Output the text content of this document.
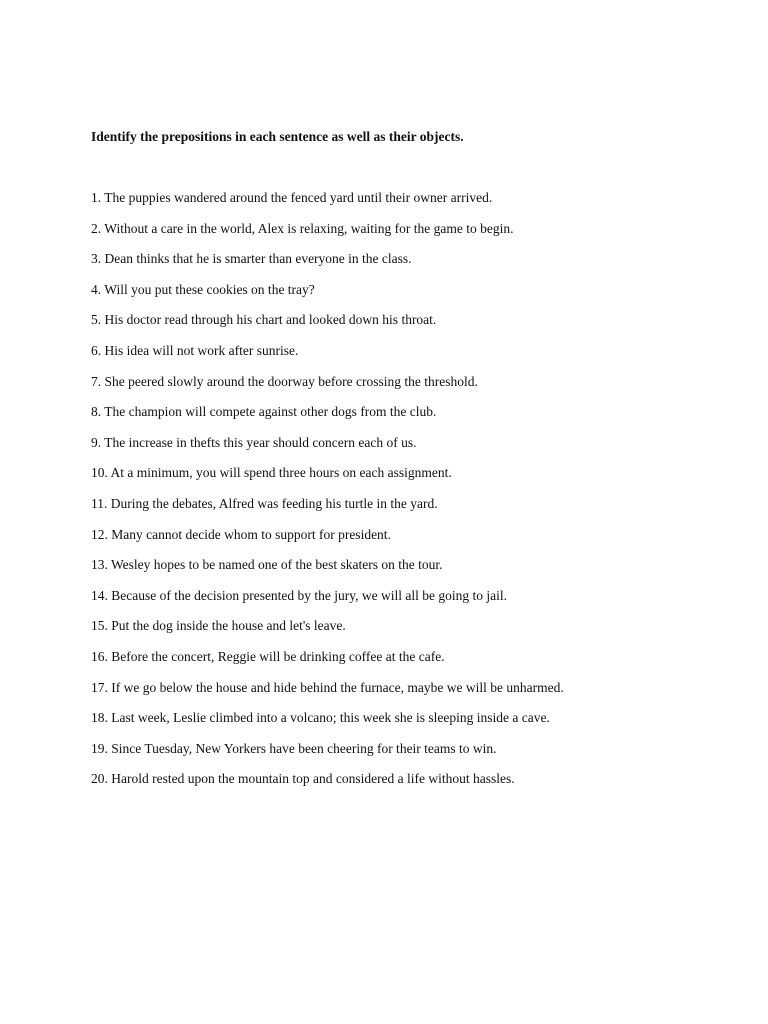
Identify the prepositions in each sentence as well as their objects.

1. The puppies wandered around the fenced yard until their owner arrived.
2. Without a care in the world, Alex is relaxing, waiting for the game to begin.
3. Dean thinks that he is smarter than everyone in the class.
4. Will you put these cookies on the tray?
5. His doctor read through his chart and looked down his throat.
6. His idea will not work after sunrise.
7. She peered slowly around the doorway before crossing the threshold.
8. The champion will compete against other dogs from the club.
9. The increase in thefts this year should concern each of us.
10. At a minimum, you will spend three hours on each assignment.
11. During the debates, Alfred was feeding his turtle in the yard.
12. Many cannot decide whom to support for president.
13. Wesley hopes to be named one of the best skaters on the tour.
14. Because of the decision presented by the jury, we will all be going to jail.
15. Put the dog inside the house and let's leave.
16. Before the concert, Reggie will be drinking coffee at the cafe.
17. If we go below the house and hide behind the furnace, maybe we will be unharmed.
18. Last week, Leslie climbed into a volcano; this week she is sleeping inside a cave.
19. Since Tuesday, New Yorkers have been cheering for their teams to win.
20. Harold rested upon the mountain top and considered a life without hassles.
